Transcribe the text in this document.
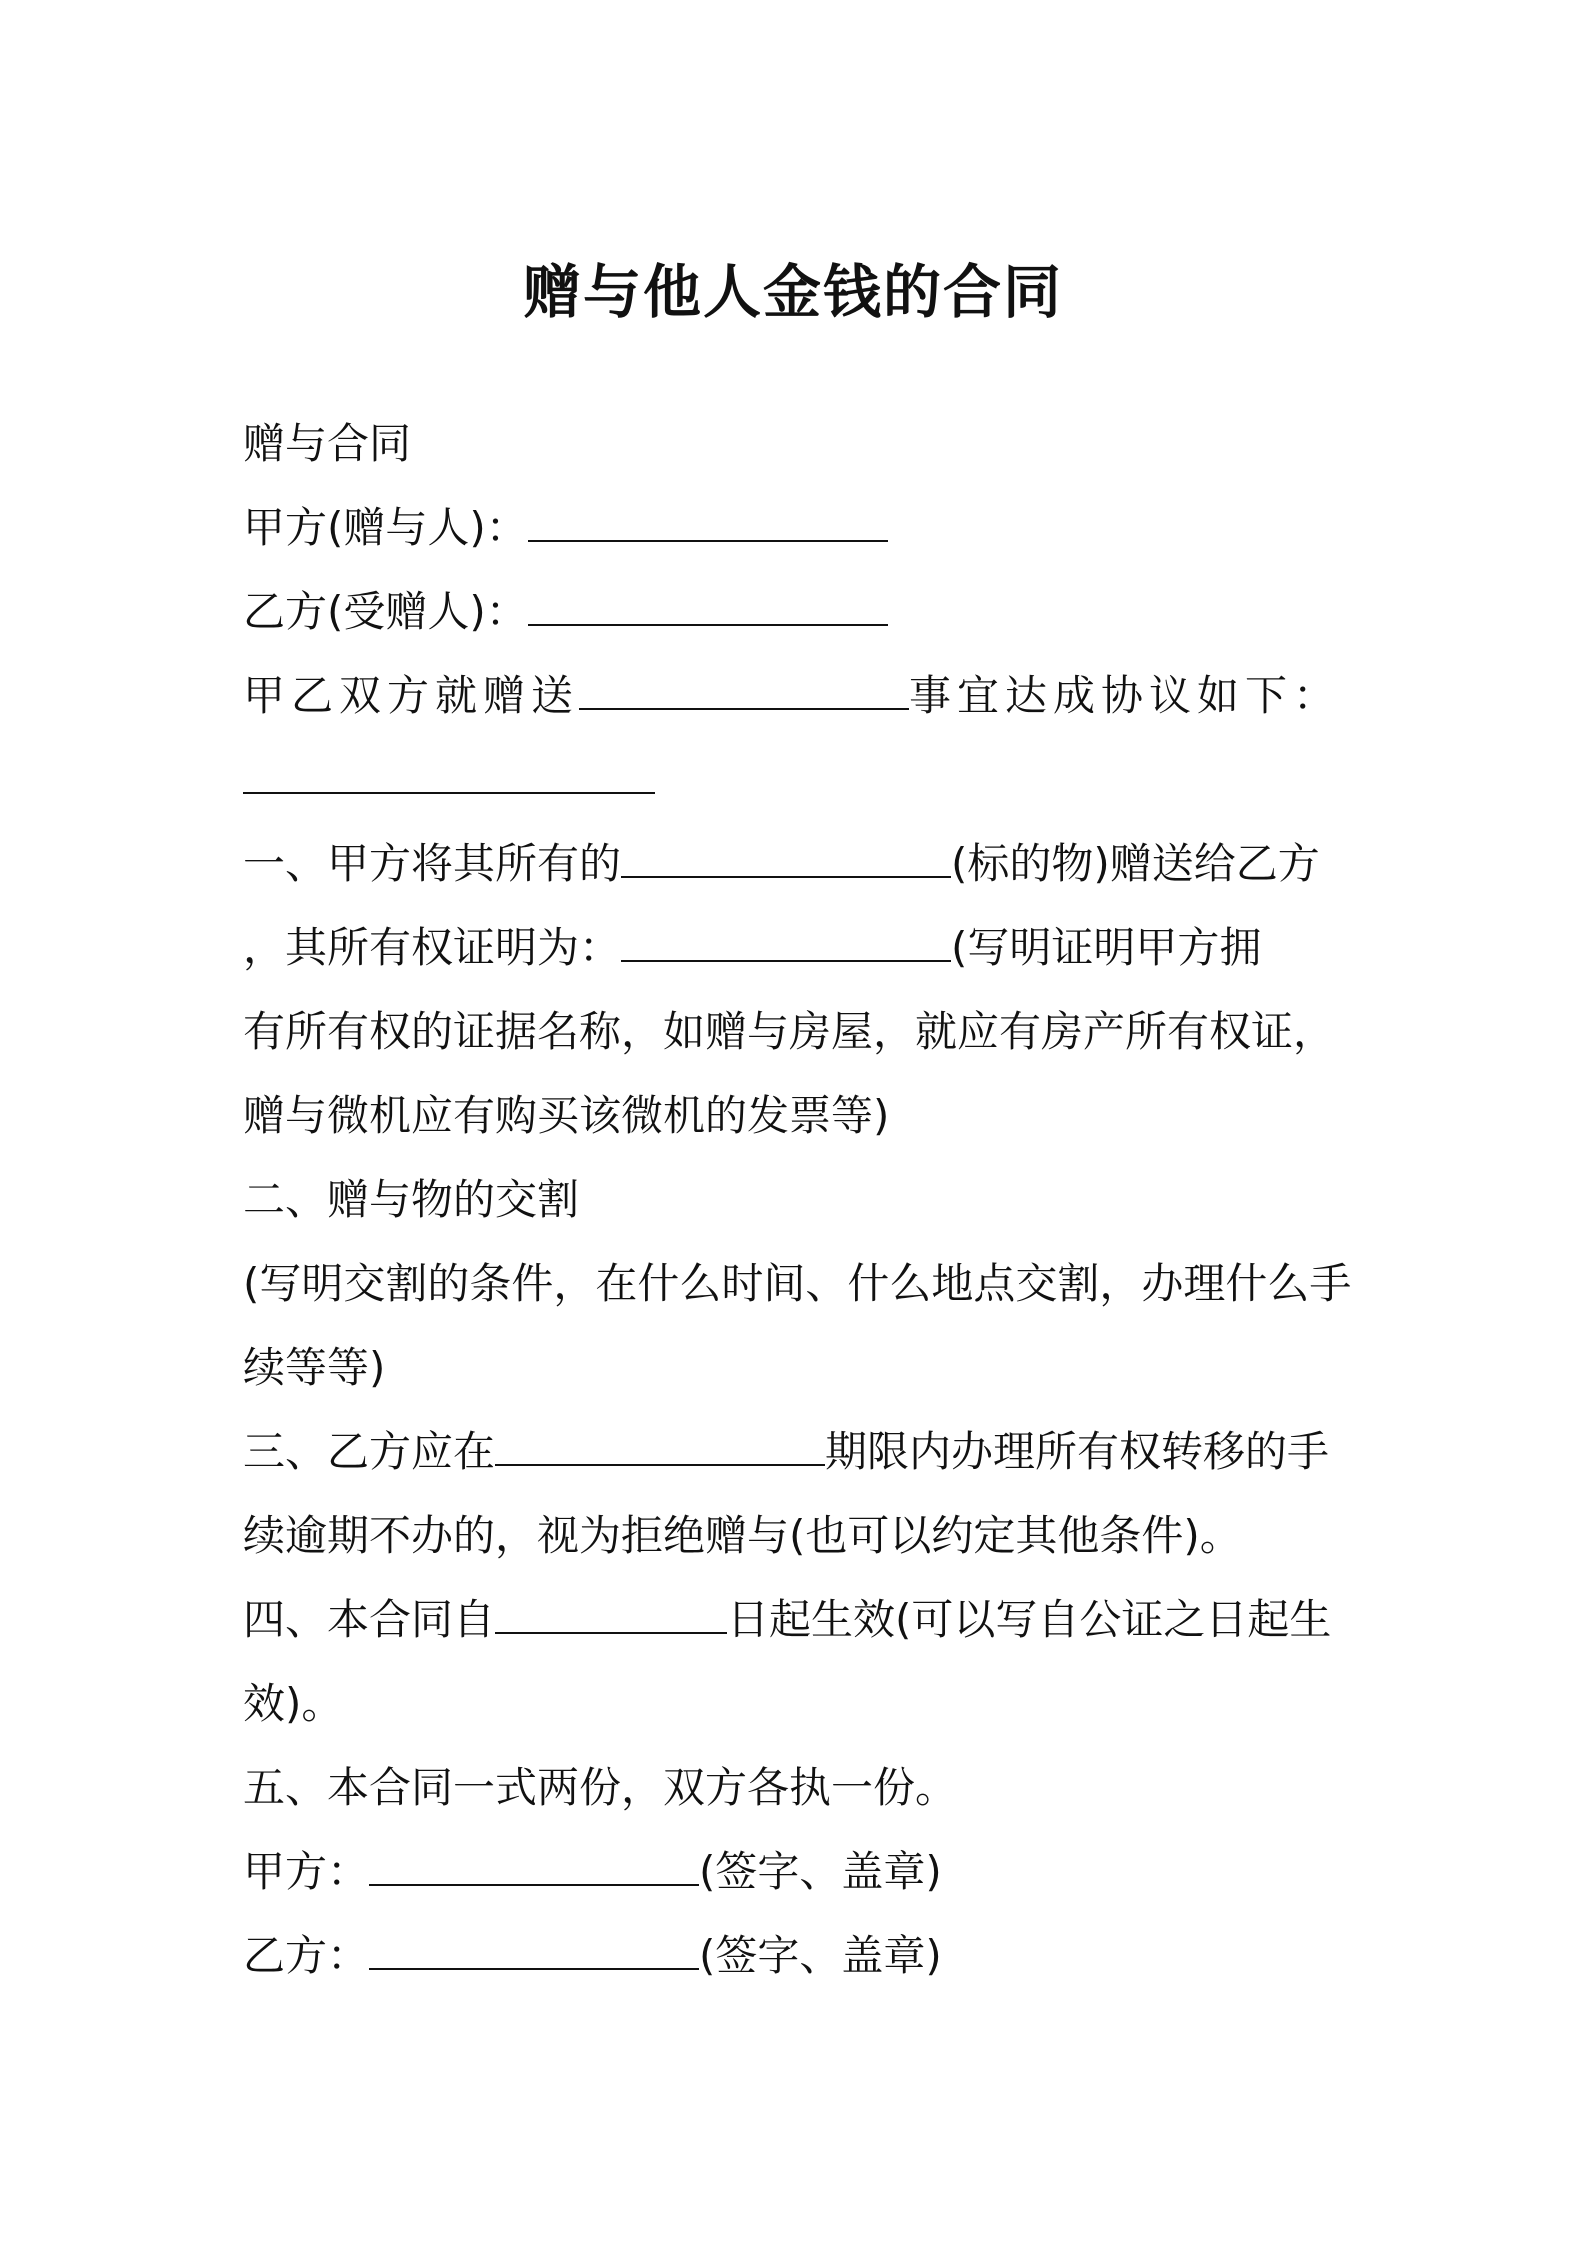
赠与他人金钱的合同
赠与合同
甲方(赠与人)：
乙方(受赠人)：
甲乙双方就赠送	事宜达成协议如下：
一、甲方将其所有的	(标的物)赠送给乙方
，其所有权证明为：	(写明证明甲方拥
有所有权的证据名称，如赠与房屋，就应有房产所有权证，
赠与微机应有购买该微机的发票等)
二、赠与物的交割
(写明交割的条件，在什么时间、什么地点交割，办理什么手
续等等)
三、乙方应在	期限内办理所有权转移的手
续逾期不办的，视为拒绝赠与(也可以约定其他条件)。
四、本合同自	日起生效(可以写自公证之日起生
效)。
五、本合同一式两份，双方各执一份。
甲方：	(签字、盖章)
乙方：	(签字、盖章)
